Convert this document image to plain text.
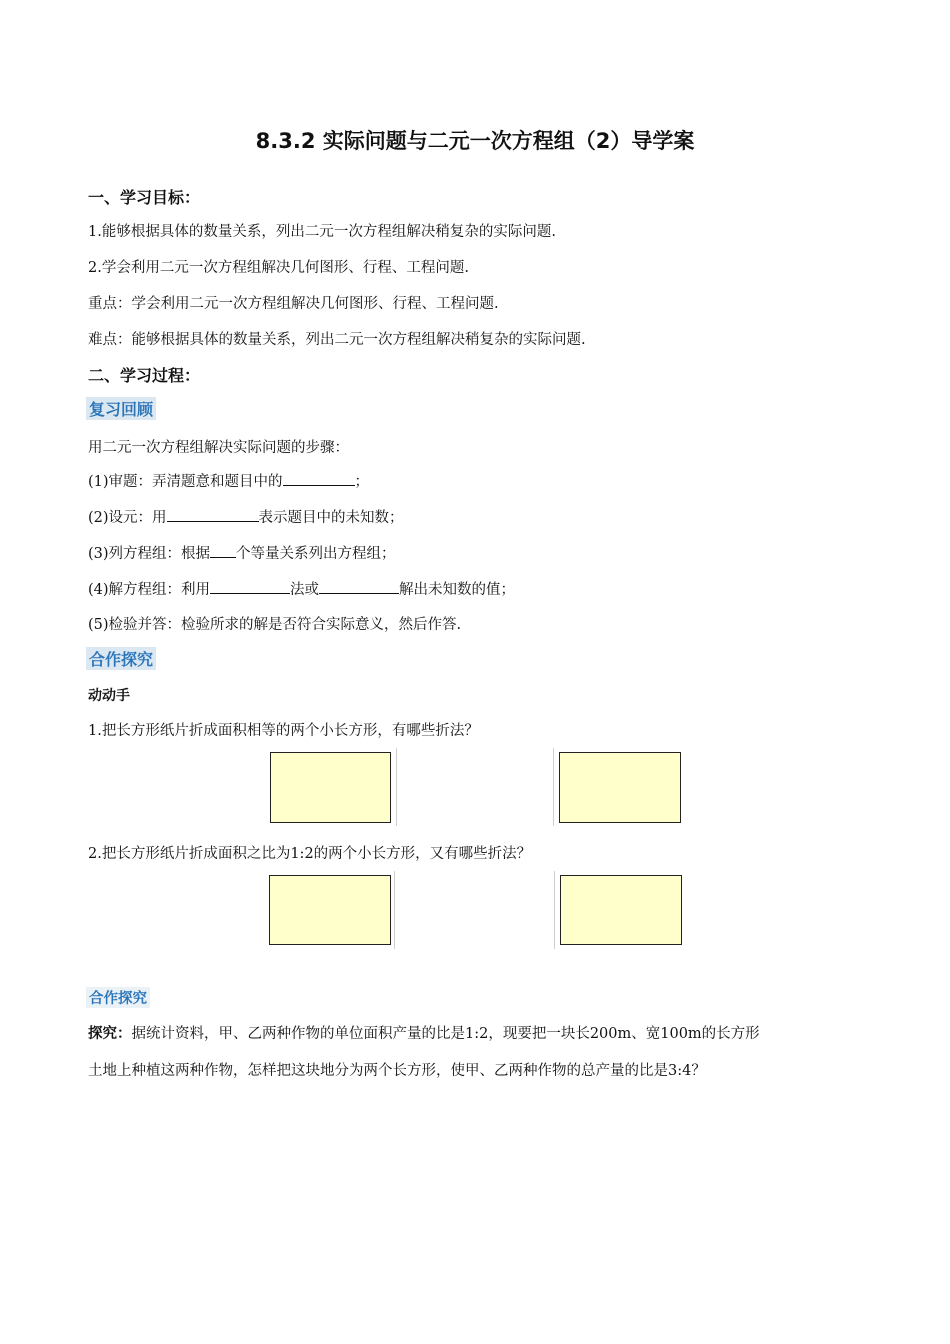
8.3.2 实际问题与二元一次方程组（2）导学案
一、学习目标：
1.能够根据具体的数量关系，列出二元一次方程组解决稍复杂的实际问题.
2.学会利用二元一次方程组解决几何图形、行程、工程问题.
重点：学会利用二元一次方程组解决几何图形、行程、工程问题.
难点：能够根据具体的数量关系，列出二元一次方程组解决稍复杂的实际问题.
二、学习过程：
复习回顾
用二元一次方程组解决实际问题的步骤：
(1)审题：弄清题意和题目中的	；
(2)设元：用	表示题目中的未知数；
(3)列方程组：根据 个等量关系列出方程组；
(4)解方程组：利用	法或	解出未知数的值；
(5)检验并答：检验所求的解是否符合实际意义，然后作答.
合作探究
动动手
1.把长方形纸片折成面积相等的两个小长方形，有哪些折法？
2.把长方形纸片折成面积之比为1:2的两个小长方形，又有哪些折法？
合作探究
探究：据统计资料，甲、乙两种作物的单位面积产量的比是1:2，现要把一块长200m、宽100m的长方形
土地上种植这两种作物，怎样把这块地分为两个长方形，使甲、乙两种作物的总产量的比是3:4？
